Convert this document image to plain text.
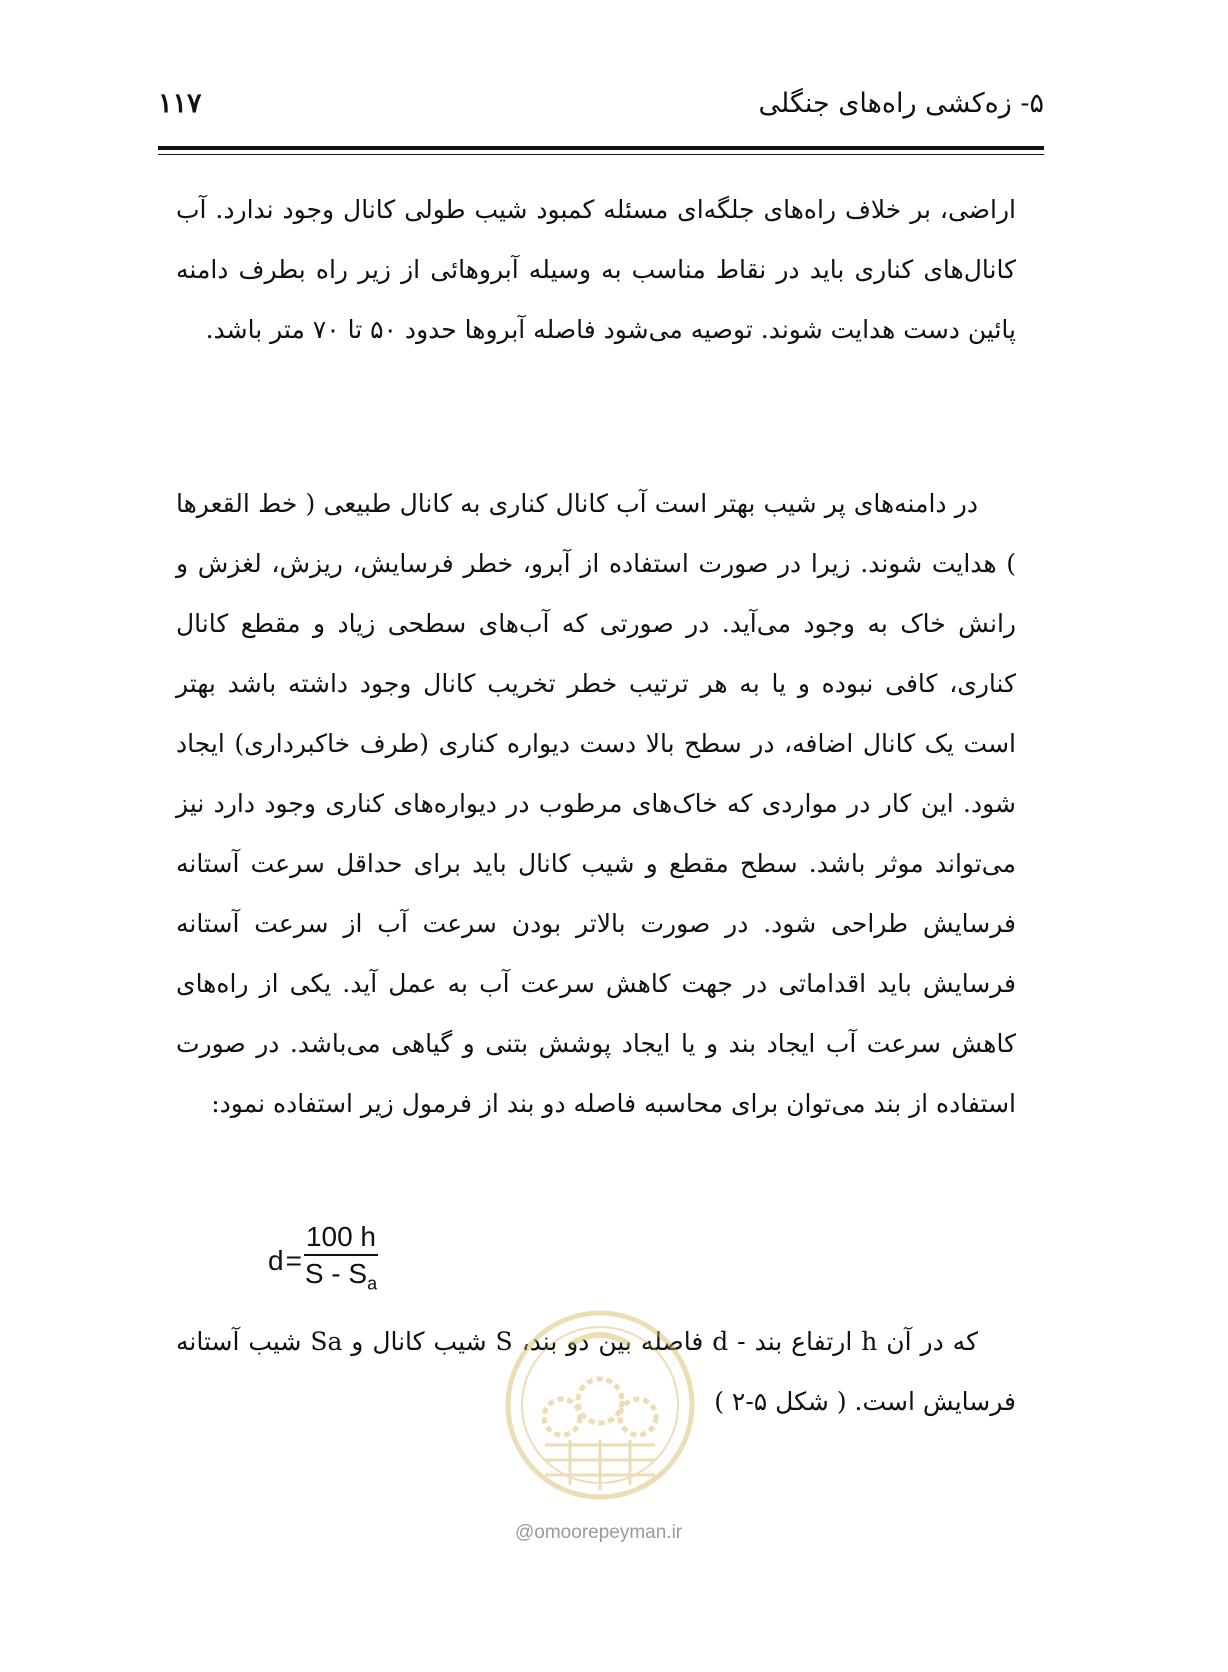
۵- زه‌کشی راه‌های جنگلی
۱۱۷

اراضی، بر خلاف راه‌های جلگه‌ای مسئله کمبود شیب طولی کانال وجود ندارد. آب کانال‌های کناری باید در نقاط مناسب به وسیله آبروهائی از زیر راه بطرف دامنه پائین دست هدایت شوند. توصیه می‌شود فاصله آبروها حدود ۵۰ تا ۷۰ متر باشد.

در دامنه‌های پر شیب بهتر است آب کانال کناری به کانال طبیعی ( خط القعرها ) هدایت شوند. زیرا در صورت استفاده از آبرو، خطر فرسایش، ریزش، لغزش و رانش خاک به وجود می‌آید. در صورتی که آب‌های سطحی زیاد و مقطع کانال کناری، کافی نبوده و یا به هر ترتیب خطر تخریب کانال وجود داشته باشد بهتر است یک کانال اضافه، در سطح بالا دست دیواره کناری (طرف خاکبرداری) ایجاد شود. این کار در مواردی که خاک‌های مرطوب در دیواره‌های کناری وجود دارد نیز می‌تواند موثر باشد. سطح مقطع و شیب کانال باید برای حداقل سرعت آستانه فرسایش طراحی شود. در صورت بالاتر بودن سرعت آب از سرعت آستانه فرسایش باید اقداماتی در جهت کاهش سرعت آب به عمل آید. یکی از راه‌های کاهش سرعت آب ایجاد بند و یا ایجاد پوشش بتنی و گیاهی می‌باشد. در صورت استفاده از بند می‌توان برای محاسبه فاصله دو بند از فرمول زیر استفاده نمود:

$d = \frac{100 h}{S - S_a}$

که در آن h ارتفاع بند - d فاصله بین دو بند، S شیب کانال و Sa شیب آستانه فرسایش است. ( شکل ۵-۲ )

@omoorepeyman.ir
